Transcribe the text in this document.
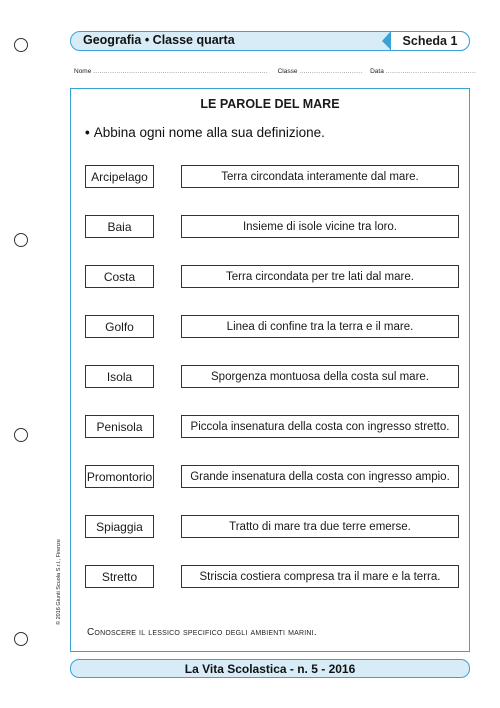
Geografia • Classe quarta	Scheda 1
Nome ................................................................................... Classe .............................. Data ...........................................
LE PAROLE DEL MARE
• Abbina ogni nome alla sua definizione.
Arcipelago	Terra circondata interamente dal mare.
Baia	Insieme di isole vicine tra loro.
Costa	Terra circondata per tre lati dal mare.
Golfo	Linea di confine tra la terra e il mare.
Isola	Sporgenza montuosa della costa sul mare.
Penisola	Piccola insenatura della costa con ingresso stretto.
Promontorio	Grande insenatura della costa con ingresso ampio.
Spiaggia	Tratto di mare tra due terre emerse.
Stretto	Striscia costiera compresa tra il mare e la terra.
Conoscere il lessico specifico degli ambienti marini.
© 2016 Giunti Scuola S.r.l., Firenze
La Vita Scolastica - n. 5 - 2016
